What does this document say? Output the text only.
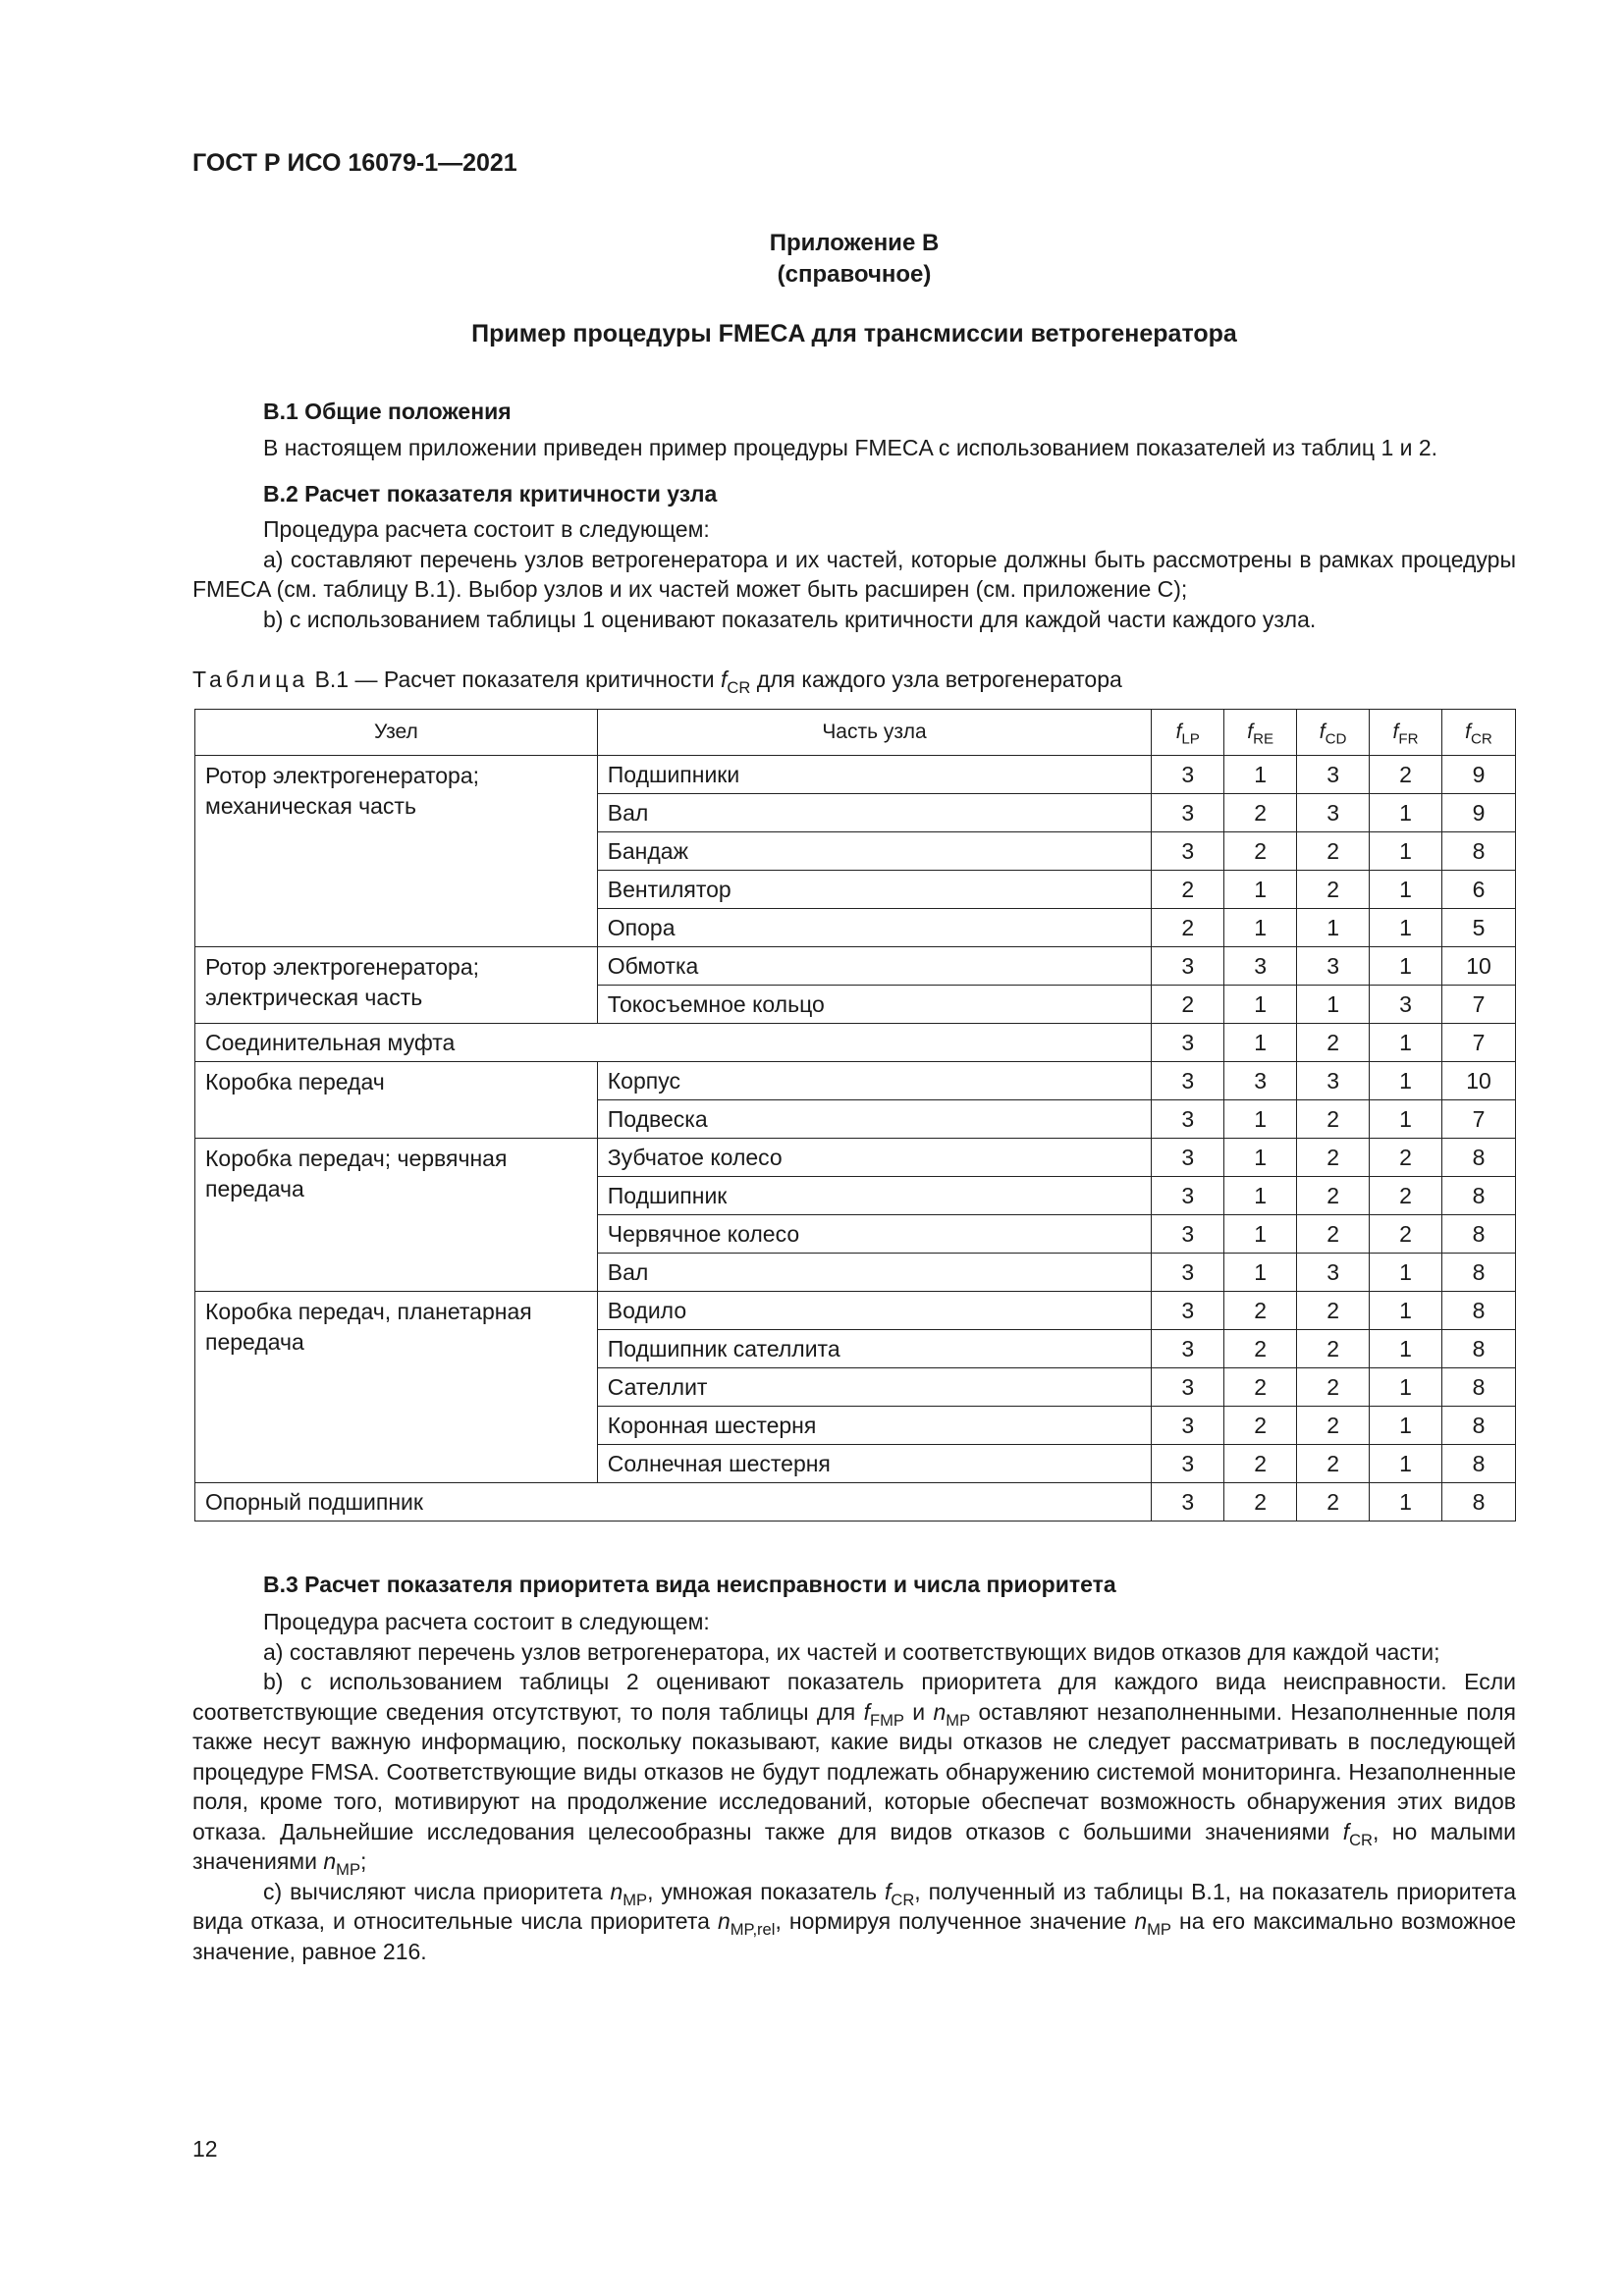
ГОСТ Р ИСО 16079-1—2021
Приложение В
(справочное)
Пример процедуры FMECA для трансмиссии ветрогенератора
В.1 Общие положения
В настоящем приложении приведен пример процедуры FMECA с использованием показателей из таблиц 1 и 2.
В.2 Расчет показателя критичности узла
Процедура расчета состоит в следующем:
а) составляют перечень узлов ветрогенератора и их частей, которые должны быть рассмотрены в рамках процедуры FMECA (см. таблицу В.1). Выбор узлов и их частей может быть расширен (см. приложение С);
b) с использованием таблицы 1 оценивают показатель критичности для каждой части каждого узла.
Таблица В.1 — Расчет показателя критичности $f_{CR}$ для каждого узла ветрогенератора
Узел	Часть узла	$f_{LP}$	$f_{RE}$	$f_{CD}$	$f_{FR}$	$f_{CR}$
Ротор электрогенератора; механическая часть	Подшипники	3	1	3	2	9
	Вал	3	2	3	1	9
	Бандаж	3	2	2	1	8
	Вентилятор	2	1	2	1	6
	Опора	2	1	1	1	5
Ротор электрогенератора; электрическая часть	Обмотка	3	3	3	1	10
	Токосъемное кольцо	2	1	1	3	7
Соединительная муфта		3	1	2	1	7
Коробка передач	Корпус	3	3	3	1	10
	Подвеска	3	1	2	1	7
Коробка передач; червячная передача	Зубчатое колесо	3	1	2	2	8
	Подшипник	3	1	2	2	8
	Червячное колесо	3	1	2	2	8
	Вал	3	1	3	1	8
Коробка передач, планетарная передача	Водило	3	2	2	1	8
	Подшипник сателлита	3	2	2	1	8
	Сателлит	3	2	2	1	8
	Коронная шестерня	3	2	2	1	8
	Солнечная шестерня	3	2	2	1	8
Опорный подшипник		3	2	2	1	8
В.3 Расчет показателя приоритета вида неисправности и числа приоритета
Процедура расчета состоит в следующем:
а) составляют перечень узлов ветрогенератора, их частей и соответствующих видов отказов для каждой части;
b) с использованием таблицы 2 оценивают показатель приоритета для каждого вида неисправности. Если соответствующие сведения отсутствуют, то поля таблицы для $f_{FMP}$ и $n_{MP}$ оставляют незаполненными. Незаполненные поля также несут важную информацию, поскольку показывают, какие виды отказов не следует рассматривать в последующей процедуре FMSA. Соответствующие виды отказов не будут подлежать обнаружению системой мониторинга. Незаполненные поля, кроме того, мотивируют на продолжение исследований, которые обеспечат возможность обнаружения этих видов отказа. Дальнейшие исследования целесообразны также для видов отказов с большими значениями $f_{CR}$, но малыми значениями $n_{MP}$;
с) вычисляют числа приоритета $n_{MP}$, умножая показатель $f_{CR}$, полученный из таблицы В.1, на показатель приоритета вида отказа, и относительные числа приоритета $n_{MP,rel}$, нормируя полученное значение $n_{MP}$ на его максимально возможное значение, равное 216.
12
